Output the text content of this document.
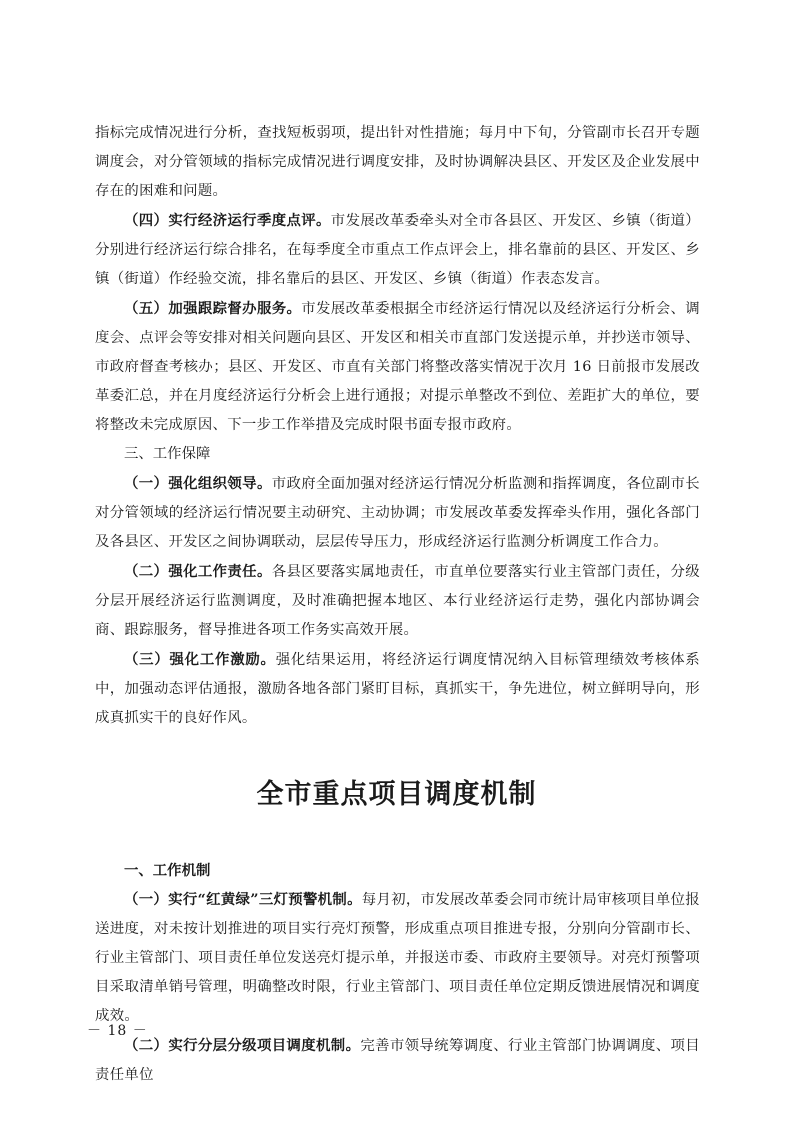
指标完成情况进行分析，查找短板弱项，提出针对性措施；每月中下旬，分管副市长召开专题调度会，对分管领域的指标完成情况进行调度安排，及时协调解决县区、开发区及企业发展中存在的困难和问题。

（四）实行经济运行季度点评。市发展改革委牵头对全市各县区、开发区、乡镇（街道）分别进行经济运行综合排名，在每季度全市重点工作点评会上，排名靠前的县区、开发区、乡镇（街道）作经验交流，排名靠后的县区、开发区、乡镇（街道）作表态发言。

（五）加强跟踪督办服务。市发展改革委根据全市经济运行情况以及经济运行分析会、调度会、点评会等安排对相关问题向县区、开发区和相关市直部门发送提示单，并抄送市领导、市政府督查考核办；县区、开发区、市直有关部门将整改落实情况于次月 16 日前报市发展改革委汇总，并在月度经济运行分析会上进行通报；对提示单整改不到位、差距扩大的单位，要将整改未完成原因、下一步工作举措及完成时限书面专报市政府。

三、工作保障

（一）强化组织领导。市政府全面加强对经济运行情况分析监测和指挥调度，各位副市长对分管领域的经济运行情况要主动研究、主动协调；市发展改革委发挥牵头作用，强化各部门及各县区、开发区之间协调联动，层层传导压力，形成经济运行监测分析调度工作合力。

（二）强化工作责任。各县区要落实属地责任，市直单位要落实行业主管部门责任，分级分层开展经济运行监测调度，及时准确把握本地区、本行业经济运行走势，强化内部协调会商、跟踪服务，督导推进各项工作务实高效开展。

（三）强化工作激励。强化结果运用，将经济运行调度情况纳入目标管理绩效考核体系中，加强动态评估通报，激励各地各部门紧盯目标，真抓实干，争先进位，树立鲜明导向，形成真抓实干的良好作风。

全市重点项目调度机制

一、工作机制

（一）实行“红黄绿”三灯预警机制。每月初，市发展改革委会同市统计局审核项目单位报送进度，对未按计划推进的项目实行亮灯预警，形成重点项目推进专报，分别向分管副市长、行业主管部门、项目责任单位发送亮灯提示单，并报送市委、市政府主要领导。对亮灯预警项目采取清单销号管理，明确整改时限，行业主管部门、项目责任单位定期反馈进展情况和调度成效。

（二）实行分层分级项目调度机制。完善市领导统筹调度、行业主管部门协调调度、项目责任单位

－ 18 －
